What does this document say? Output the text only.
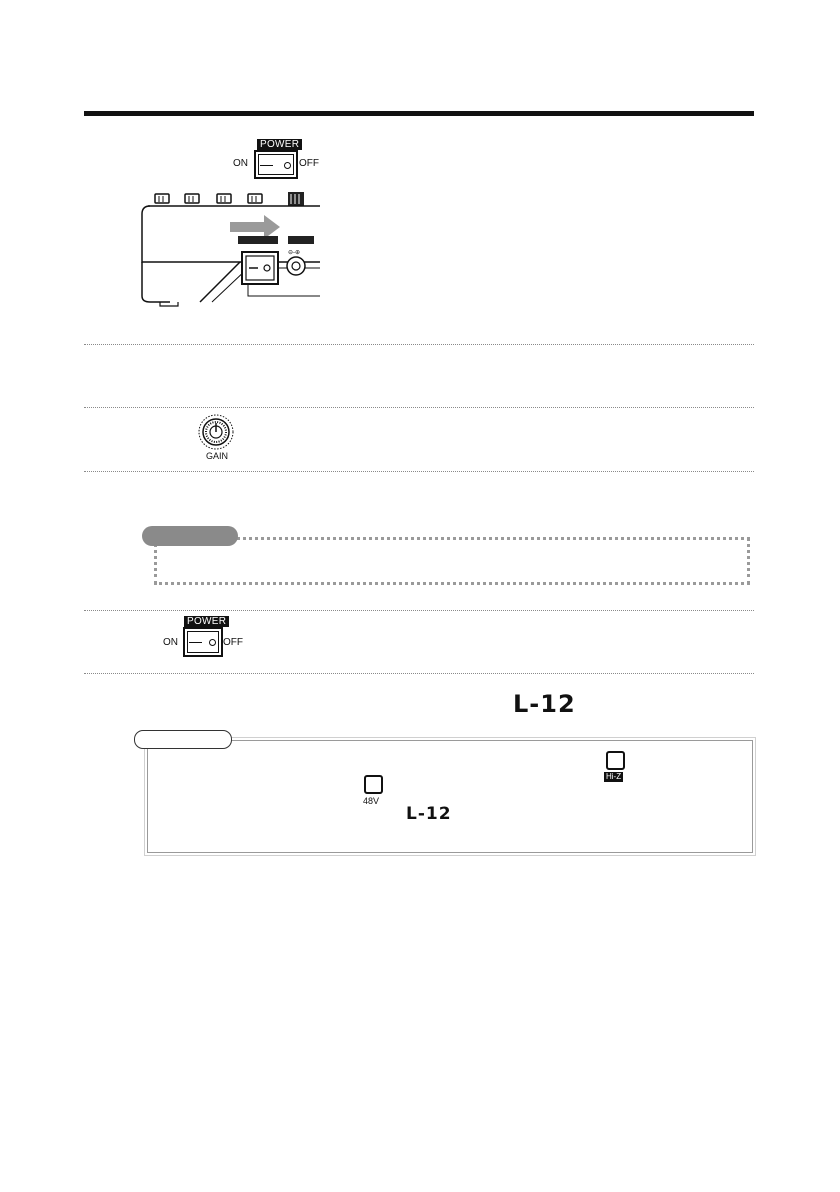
POWER
ON	OFF
⊖-⊕
GAIN
POWER
ON	OFF
L-12
Hi-Z
48V
L-12
